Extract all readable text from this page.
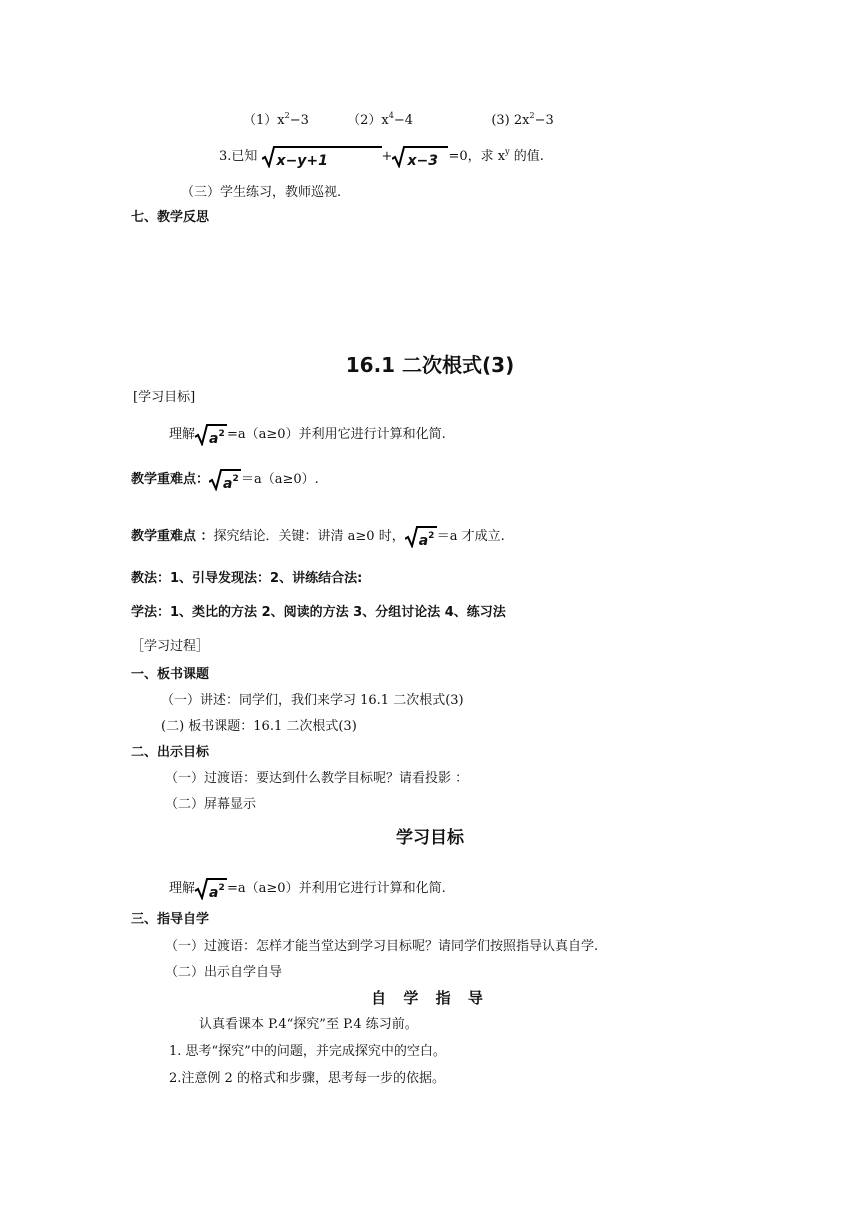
$(1)x^2-3$	$(2)x^4-4$	(3) $2x^2-3$
3.已知 x−y+1	+ x−3 =0，求 $x^y$ 的值.
（三）学生练习，教师巡视.
七、教学反思
16.1 二次根式(3)
[学习目标]
理解 $a^2 =a(a\ge 0)$并利用它进行计算和化简.
教学重难点： $a^2 =a(a\ge 0)$.
教学重难点 ：探究结论．关键：讲清 a≥0 时， $a^2 =a$ 才成立.
教法：1、引导发现法：2、讲练结合法:
学法：1、类比的方法 2、阅读的方法 3、分组讨论法 4、练习法
［学习过程］
一、板书课题
（一）讲述：同学们，我们来学习 16.1 二次根式(3)
(二) 板书课题：16.1 二次根式(3)
二、出示目标
（一）过渡语：要达到什么教学目标呢？请看投影 ：
（二）屏幕显示
学习目标
理解 $a^2 =a(a\ge 0)$并利用它进行计算和化简.
三、指导自学
（一）过渡语：怎样才能当堂达到学习目标呢？请同学们按照指导认真自学.
（二）出示自学自导
自 学 指 导
认真看课本 P.4“探究”至 P.4 练习前。
1. 思考“探究”中的问题，并完成探究中的空白。
2.注意例 2 的格式和步骤，思考每一步的依据。
